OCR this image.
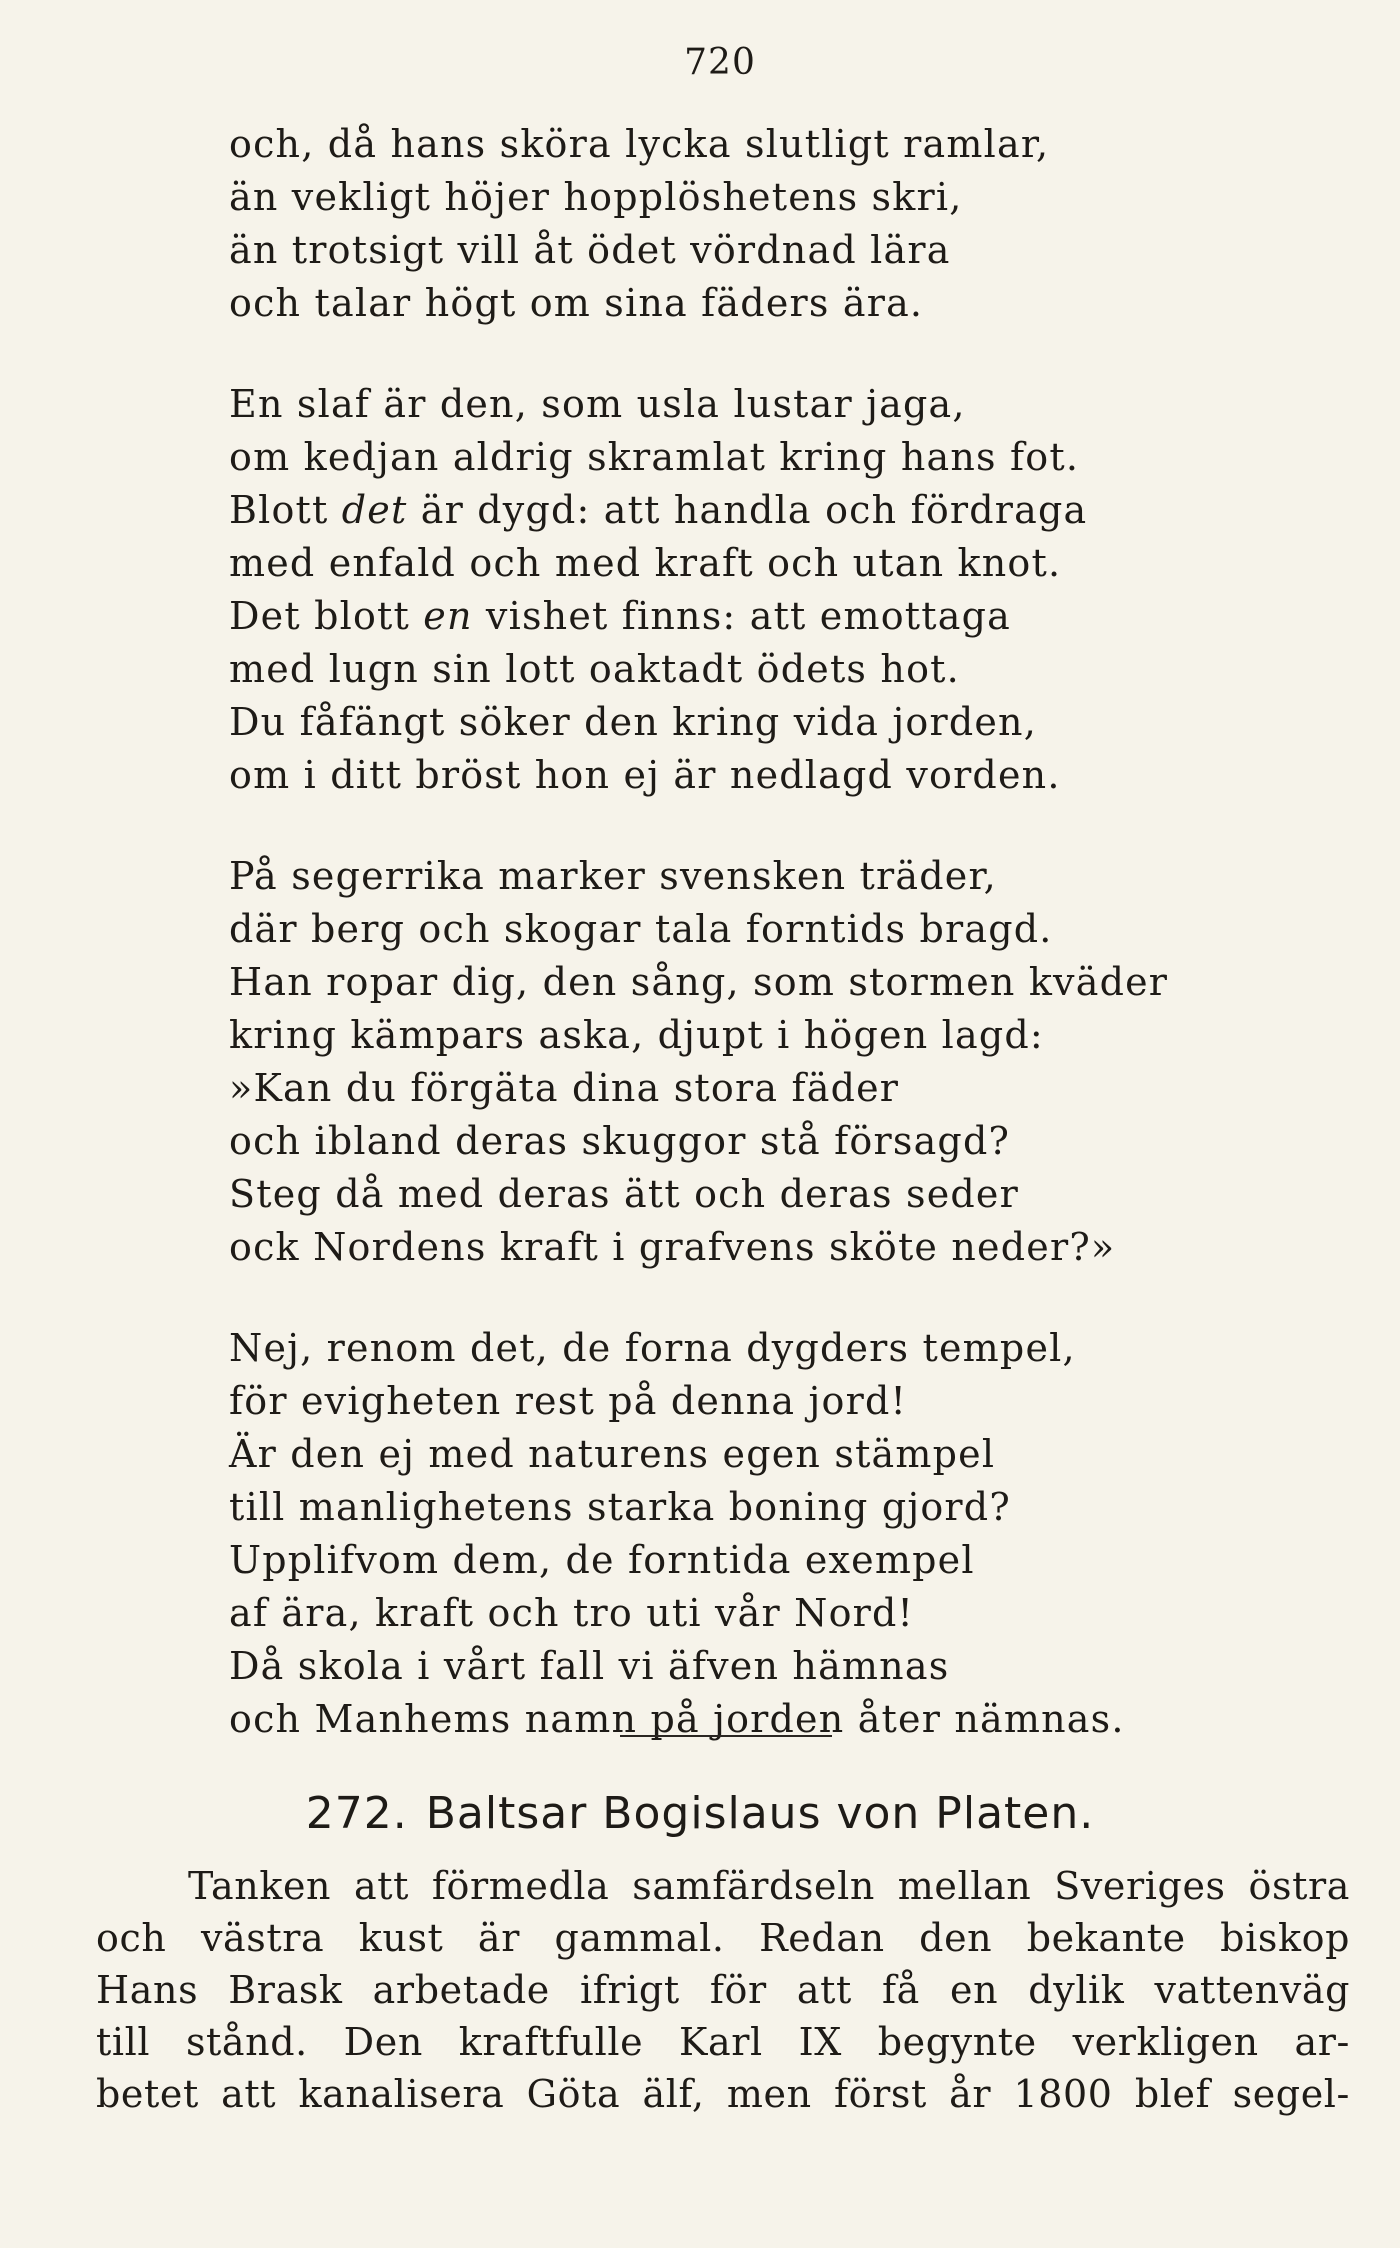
720
och, då hans sköra lycka slutligt ramlar,
än vekligt höjer hopplöshetens skri,
än trotsigt vill åt ödet vördnad lära
och talar högt om sina fäders ära.
En slaf är den, som usla lustar jaga,
om kedjan aldrig skramlat kring hans fot.
Blott det är dygd: att handla och fördraga
med enfald och med kraft och utan knot.
Det blott en vishet finns: att emottaga
med lugn sin lott oaktadt ödets hot.
Du fåfängt söker den kring vida jorden,
om i ditt bröst hon ej är nedlagd vorden.
På segerrika marker svensken träder,
där berg och skogar tala forntids bragd.
Han ropar dig, den sång, som stormen kväder
kring kämpars aska, djupt i högen lagd:
»Kan du förgäta dina stora fäder
och ibland deras skuggor stå försagd?
Steg då med deras ätt och deras seder
ock Nordens kraft i grafvens sköte neder?»
Nej, renom det, de forna dygders tempel,
för evigheten rest på denna jord!
Är den ej med naturens egen stämpel
till manlighetens starka boning gjord?
Upplifvom dem, de forntida exempel
af ära, kraft och tro uti vår Nord!
Då skola i vårt fall vi äfven hämnas
och Manhems namn på jorden åter nämnas.
272. Baltsar Bogislaus von Platen.
Tanken att förmedla samfärdseln mellan Sveriges östra
och västra kust är gammal. Redan den bekante biskop
Hans Brask arbetade ifrigt för att få en dylik vattenväg
till stånd. Den kraftfulle Karl IX begynte verkligen ar-
betet att kanalisera Göta älf, men först år 1800 blef segel-
